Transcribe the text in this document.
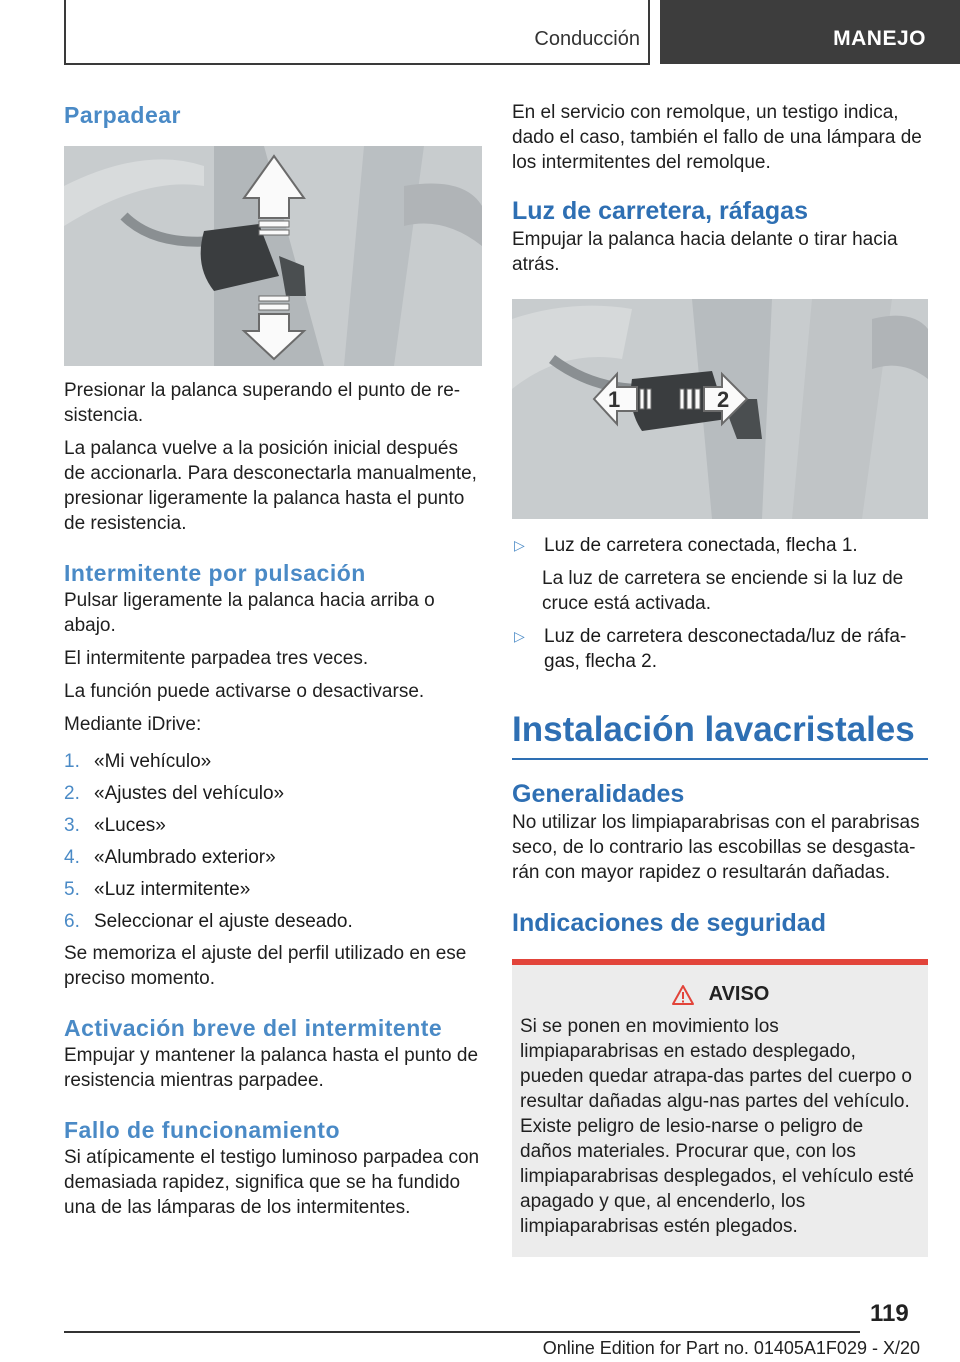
Conducción	MANEJO
Parpadear

Presionar la palanca superando el punto de re-sistencia.

La palanca vuelve a la posición inicial después de accionarla. Para desconectarla manualmente, presionar ligeramente la palanca hasta el punto de resistencia.

Intermitente por pulsación

Pulsar ligeramente la palanca hacia arriba o abajo.

El intermitente parpadea tres veces.

La función puede activarse o desactivarse.

Mediante iDrive:

1. «Mi vehículo»
2. «Ajustes del vehículo»
3. «Luces»
4. «Alumbrado exterior»
5. «Luz intermitente»
6. Seleccionar el ajuste deseado.

Se memoriza el ajuste del perfil utilizado en ese preciso momento.

Activación breve del intermitente

Empujar y mantener la palanca hasta el punto de resistencia mientras parpadee.

Fallo de funcionamiento

Si atípicamente el testigo luminoso parpadea con demasiada rapidez, significa que se ha fundido una de las lámparas de los intermitentes.

En el servicio con remolque, un testigo indica, dado el caso, también el fallo de una lámpara de los intermitentes del remolque.

Luz de carretera, ráfagas

Empujar la palanca hacia delante o tirar hacia atrás.

1	2
▷	Luz de carretera conectada, flecha 1.

La luz de carretera se enciende si la luz de cruce está activada.

▷	Luz de carretera desconectada/luz de ráfa-gas, flecha 2.
Instalación lavacristales
Generalidades

No utilizar los limpiaparabrisas con el parabrisas seco, de lo contrario las escobillas se desgasta-rán con mayor rapidez o resultarán dañadas.

Indicaciones de seguridad
AVISO

Si se ponen en movimiento los limpiaparabrisas en estado desplegado, pueden quedar atrapa-das partes del cuerpo o resultar dañadas algu-nas partes del vehículo. Existe peligro de lesio-narse o peligro de daños materiales. Procurar que, con los limpiaparabrisas desplegados, el vehículo esté apagado y que, al encenderlo, los limpiaparabrisas estén plegados.

119
Online Edition for Part no. 01405A1F029 - X/20
